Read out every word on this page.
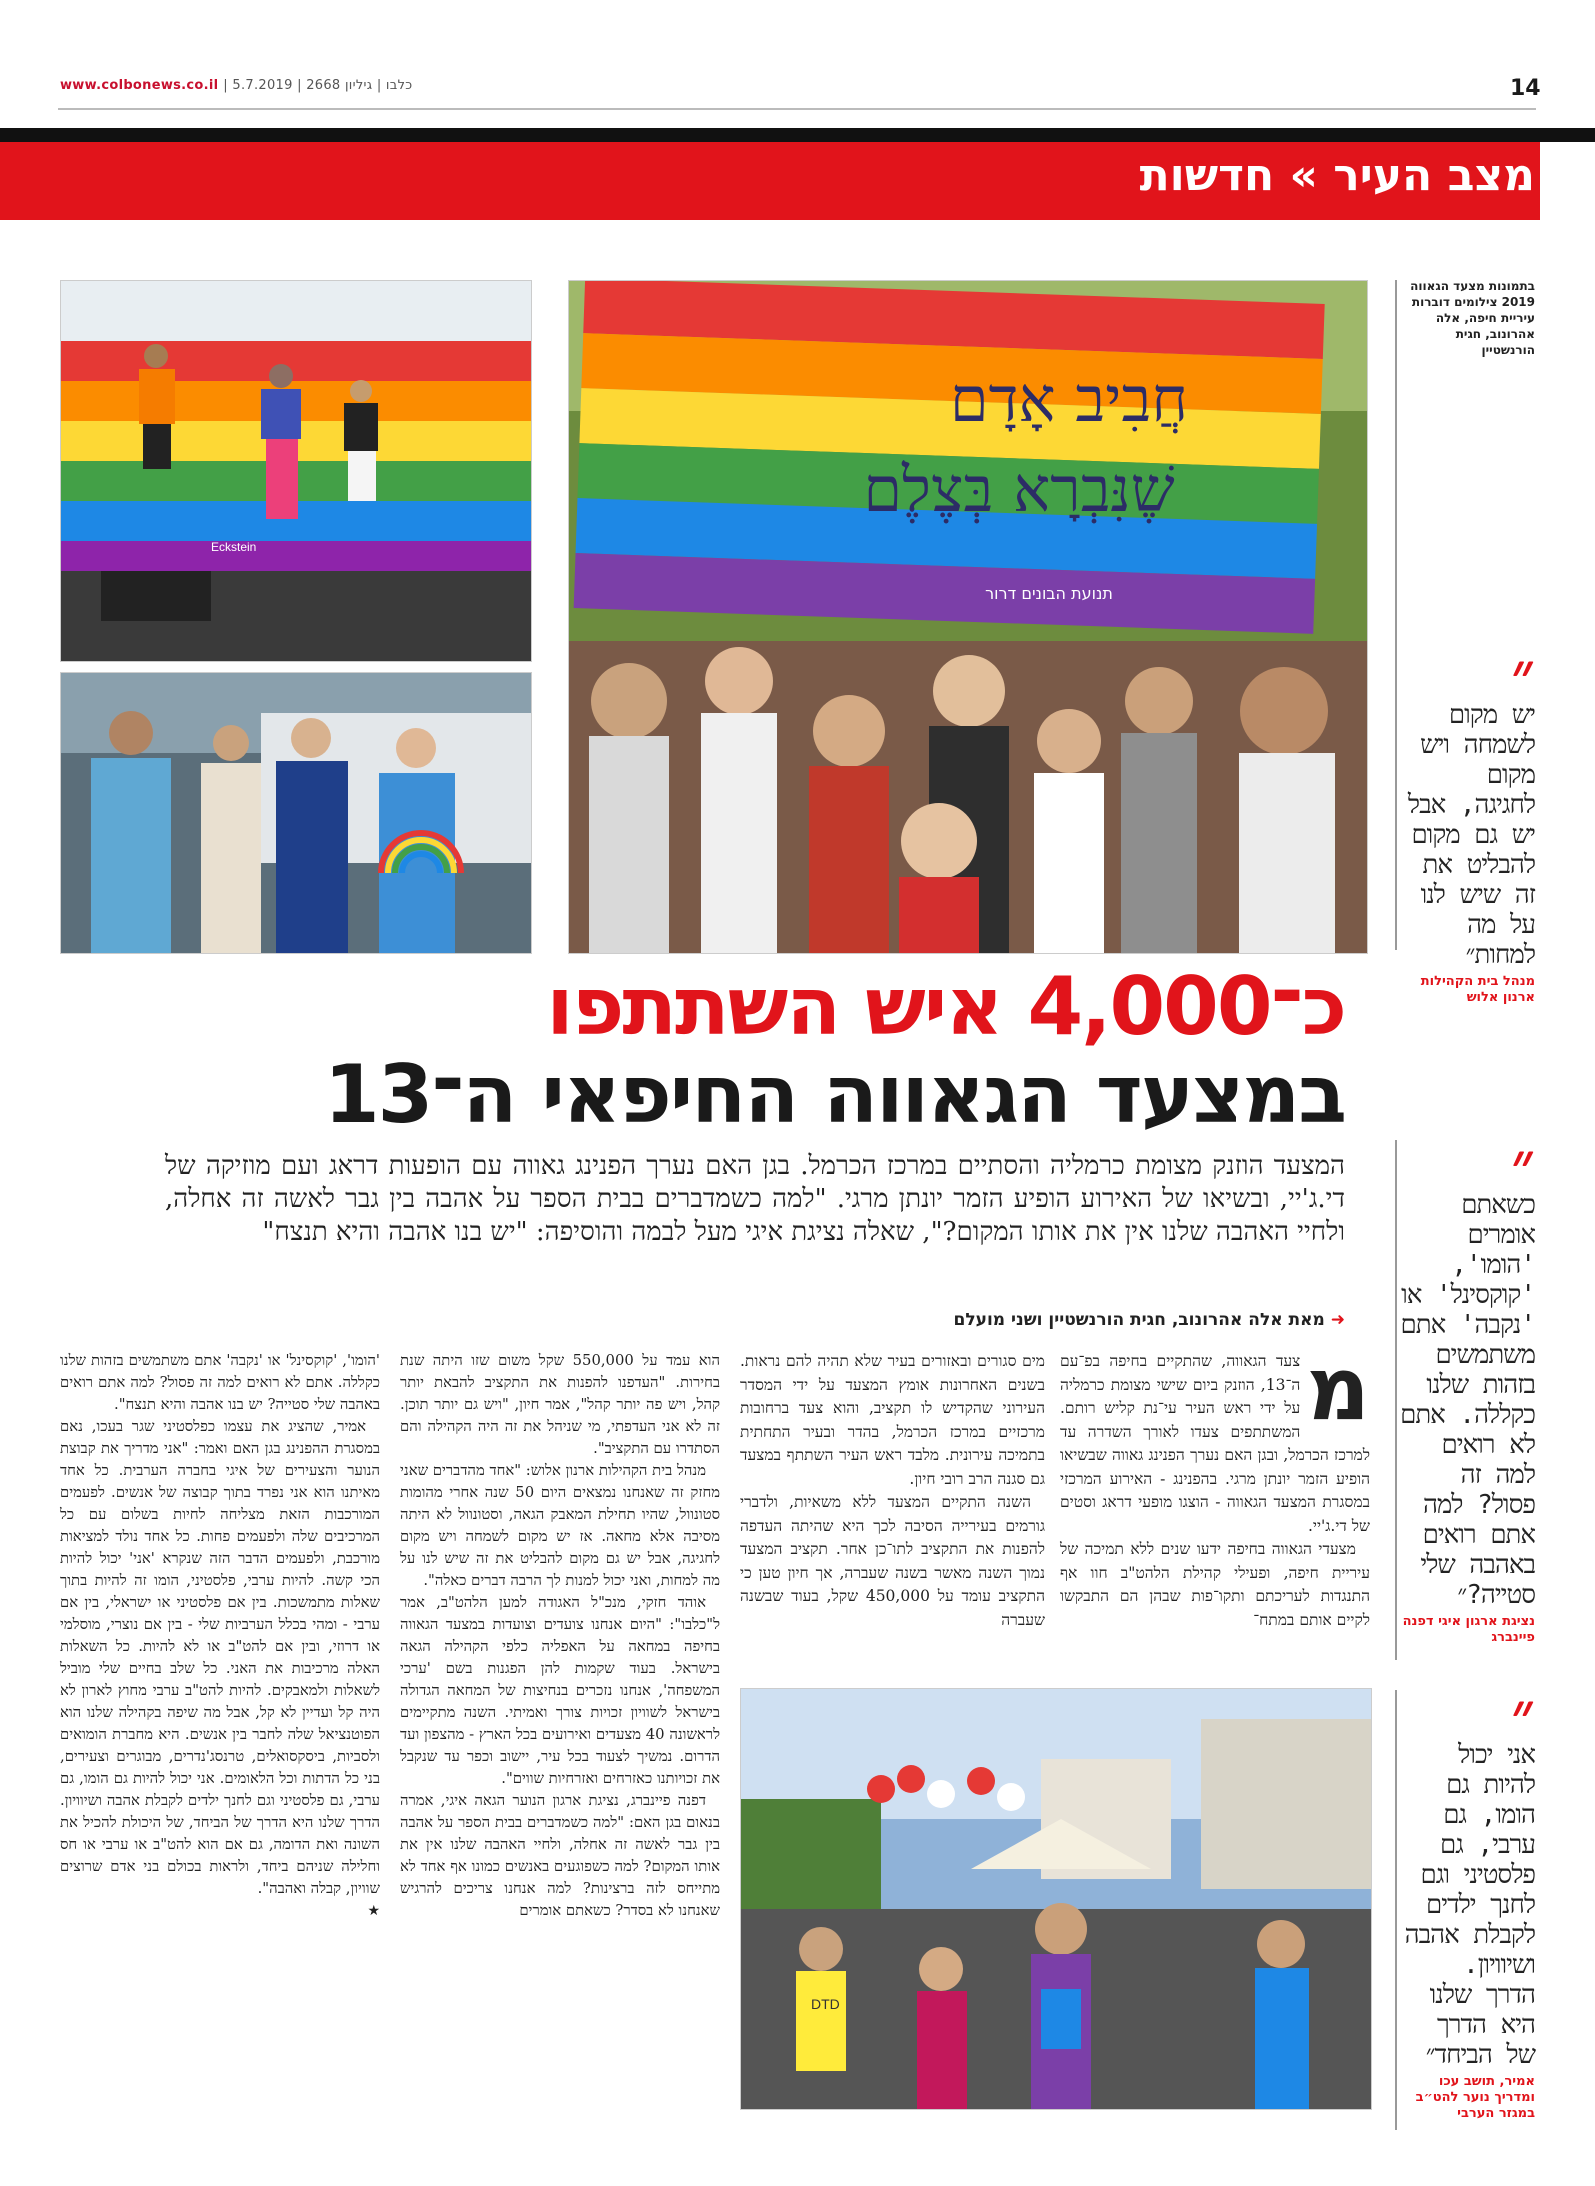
www.colbonews.co.il | כלבו | גיליון 2668 | 5.7.2019	14
מצב העיר » חדשות
Eckstein
חֲבִיב אָדָם
שֶׁנִּבְרָא בְּצֶלֶם
תנועת הבונים דרור
DTD
בתמונות מצעד הגאווה 2019 צילומים דוברות עיריית חיפה, אלה אהרונוב, חגית הורנשטיין
״
יש מקום לשמחה ויש מקום לחגיגה, אבל יש גם מקום להבליט את זה שיש לנו על מה למחות״
מנהל בית הקהילות ארנון אלוש
״
כשאתם אומרים 'הומו', 'קוקסינל' או 'נקבה' אתם משתמשים בזהות שלנו כקללה. אתם לא רואים למה זה פסול? למה אתם רואים באהבה שלי סטייה?״
נציגת ארגון איגי דפנה פיינברג
״
אני יכול להיות גם הומו, גם ערבי, גם פלסטיני וגם לחנך ילדים לקבלת אהבה ושיוויון. הדרך שלנו היא הדרך של הביחד״
אמיר, תושב עכו ומדריך נוער להט״ב במגזר הערבי
כ־4,000 איש השתתפו
במצעד הגאווה החיפאי ה־13
המצעד הוזנק מצומת כרמליה והסתיים במרכז הכרמל. בגן האם נערך הפנינג גאווה עם הופעות דראג ועם מוזיקה של די.ג'יי, ובשיאו של האירוע הופיע הזמר יונתן מרגי. "למה כשמדברים בבית הספר על אהבה בין גבר לאשה זה אחלה, ולחיי האהבה שלנו אין את אותו המקום?", שאלה נציגת איגי מעל לבמה והוסיפה: "יש בנו אהבה והיא תנצח"
➜ מאת אלה אהרונוב, חגית הורנשטיין ושני מועלם
מ

צעד הגאווה, שהתקיים בחיפה בפ־עם ה־13, הוזנק ביום שישי מצומת כרמליה על ידי ראש העיר עי־נת קליש רותם. המשתתפים צעדו לאורך השדרה עד למרכז הכרמל, ובגן האם נערך הפנינג גאווה שבשיאו הופיע הזמר יונתן מרגי. בהפנינג - האירוע המרכזי במסגרת המצעד הגאווה - הוצגו מופעי דראג וסטים של די.ג'יי.

מצעדי הגאווה בחיפה ידעו שנים ללא תמיכה של עיריית חיפה, ופעילי קהילת הלהט"ב חוו אף התנגדות לעריכתם ותקו־פות שבהן הם התבקשו לקיים אותם במתח־

מים סגורים ובאזורים בעיר שלא תהיה להם נראות. בשנים האחרונות אומץ המצעד על ידי המסדר העירוני שהקדיש לו תקציב, והוא צעד ברחובות מרכזיים במרכז הכרמל, בהדר ובעיר התחתית בתמיכה עירונית. מלבד ראש העיר השתתף במצעד גם סגנה הרב רובי חיון.

השנה התקיים המצעד ללא משאיות, ולדברי גורמים בעירייה הסיבה לכך היא שהיתה העדפה להפנות את התקציב לתו־כן אחר. תקציב המצעד נמוך השנה מאשר בשנה שעברה, אך חיון טען כי התקציב עומד על 450,000 שקל, בעוד שבשנה שעברה

הוא עמד על 550,000 שקל משום שזו היתה שנת בחירות. "העדפנו להפנות את התקציב להבאת יותר קהל, ויש פה יותר קהל", אמר חיון, "ויש גם יותר תוכן. זה לא אני העדפתי, מי שניהל את זה היה הקהילה והם הסתדרו עם התקציב".

מנהל בית הקהילות ארנון אלוש: "אחד מהדברים שאני מחזק זה שאנחנו נמצאים היום 50 שנה אחרי מהומות סטונוול, שהיו תחילת המאבק הגאה, וסטונוול לא היתה מסיבה אלא מחאה. אז יש מקום לשמחה ויש מקום לחגיגה, אבל יש גם מקום להבליט את זה שיש לנו על מה למחות, ואני יכול למנות לך הרבה דברים כאלה".

אוהד חזקי, מנכ"ל האגודה למען הלהט"ב, אמר ל"כלבו": "היום אנחנו צועדים וצועדות במצעד הגאווה בחיפה במחאה על האפליה כלפי הקהילה הגאה בישראל. בעוד שקמות להן הפגנות בשם 'ערכי המשפחה', אנחנו נזכרים בנחיצות של המחאה הגדולה בישראל לשוויון זכויות צורך ואמיתי. השנה מתקיימים לראשונה 40 מצעדים ואירועים בכל הארץ - מהצפון ועד הדרום. נמשיך לצעוד בכל עיר, יישוב וכפר עד שנקבל את זכויותנו כאזרחים ואזרחיות שווים".

דפנה פיינברג, נציגת ארגון הנוער הגאה איגי, אמרה בנאום בגן האם: "למה כשמדברים בבית הספר על אהבה בין גבר לאשה זה אחלה, ולחיי האהבה שלנו אין את אותו המקום? למה כשפוגעים באנשים כמונו אף אחד לא מתייחס לזה ברצינות? למה אנחנו צריכים להרגיש שאנחנו לא בסדר? כשאתם אומרים

'הומו', 'קוקסינל' או 'נקבה' אתם משתמשים בזהות שלנו כקללה. אתם לא רואים למה זה פסול? למה אתם רואים באהבה שלי סטייה? יש בנו אהבה והיא תנצח".

אמיר, שהציג את עצמו כפלסטיני שגר בעכו, נאם במסגרת ההפנינג בגן האם ואמר: "אני מדריך את קבוצת הנוער והצעירים של איגי בחברה הערבית. כל אחד מאיתנו הוא אני נפרד בתוך קבוצה של אנשים. לפעמים המורכבות הזאת מצליחה לחיות בשלום עם כל המרכיבים שלה ולפעמים פחות. כל אחד נולד למציאות מורכבת, ולפעמים הדבר הזה שנקרא 'אני' יכול להיות הכי קשה. להיות ערבי, פלסטיני, הומו זה להיות בתוך שאלות מתמשכות. בין אם פלסטיני או ישראלי, בין אם ערבי - ומהי בכלל הערביות שלי - בין אם נוצרי, מוסלמי או דרוזי, ובין אם להט"ב או לא להיות. כל השאלות האלה מרכיבות את האני. כל שלב בחיים שלי מוביל לשאלות ולמאבקים. להיות להט"ב ערבי מחוץ לארון לא היה קל ועדיין לא קל, אבל מה שיפה בקהילה שלנו הוא הפוטנציאל שלה לחבר בין אנשים. היא מחברת הומואים ולסביות, ביסקסואלים, טרנסג'נדרים, מבוגרים וצעירים, בני כל הדתות וכל הלאומים. אני יכול להיות גם הומו, גם ערבי, גם פלסטיני וגם לחנך ילדים לקבלת אהבה ושיוויון. הדרך שלנו היא הדרך של הביחד, של היכולת להכיל את השונה ואת הדומה, גם אם הוא להט"ב או ערבי או חס וחלילה שניהם ביחד, ולראות בכולם בני אדם שרוצים שוויון, קבלה ואהבה".

★
